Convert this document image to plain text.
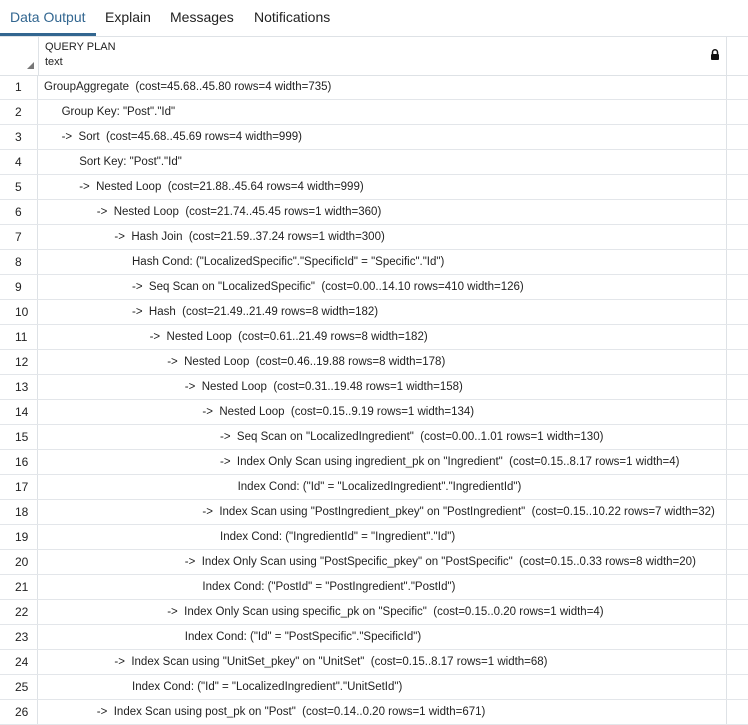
Data Output Explain Messages Notifications
QUERY PLAN
text
1	GroupAggregate  (cost=45.68..45.80 rows=4 width=735)
2	Group Key: "Post"."Id"
3	->  Sort  (cost=45.68..45.69 rows=4 width=999)
4	Sort Key: "Post"."Id"
5	->  Nested Loop  (cost=21.88..45.64 rows=4 width=999)
6	->  Nested Loop  (cost=21.74..45.45 rows=1 width=360)
7	->  Hash Join  (cost=21.59..37.24 rows=1 width=300)
8	Hash Cond: ("LocalizedSpecific"."SpecificId" = "Specific"."Id")
9	->  Seq Scan on "LocalizedSpecific"  (cost=0.00..14.10 rows=410 width=126)
10	->  Hash  (cost=21.49..21.49 rows=8 width=182)
11	->  Nested Loop  (cost=0.61..21.49 rows=8 width=182)
12	->  Nested Loop  (cost=0.46..19.88 rows=8 width=178)
13	->  Nested Loop  (cost=0.31..19.48 rows=1 width=158)
14	->  Nested Loop  (cost=0.15..9.19 rows=1 width=134)
15	->  Seq Scan on "LocalizedIngredient"  (cost=0.00..1.01 rows=1 width=130)
16	->  Index Only Scan using ingredient_pk on "Ingredient"  (cost=0.15..8.17 rows=1 width=4)
17	Index Cond: ("Id" = "LocalizedIngredient"."IngredientId")
18	->  Index Scan using "PostIngredient_pkey" on "PostIngredient"  (cost=0.15..10.22 rows=7 width=32)
19	Index Cond: ("IngredientId" = "Ingredient"."Id")
20	->  Index Only Scan using "PostSpecific_pkey" on "PostSpecific"  (cost=0.15..0.33 rows=8 width=20)
21	Index Cond: ("PostId" = "PostIngredient"."PostId")
22	->  Index Only Scan using specific_pk on "Specific"  (cost=0.15..0.20 rows=1 width=4)
23	Index Cond: ("Id" = "PostSpecific"."SpecificId")
24	->  Index Scan using "UnitSet_pkey" on "UnitSet"  (cost=0.15..8.17 rows=1 width=68)
25	Index Cond: ("Id" = "LocalizedIngredient"."UnitSetId")
26	->  Index Scan using post_pk on "Post"  (cost=0.14..0.20 rows=1 width=671)
